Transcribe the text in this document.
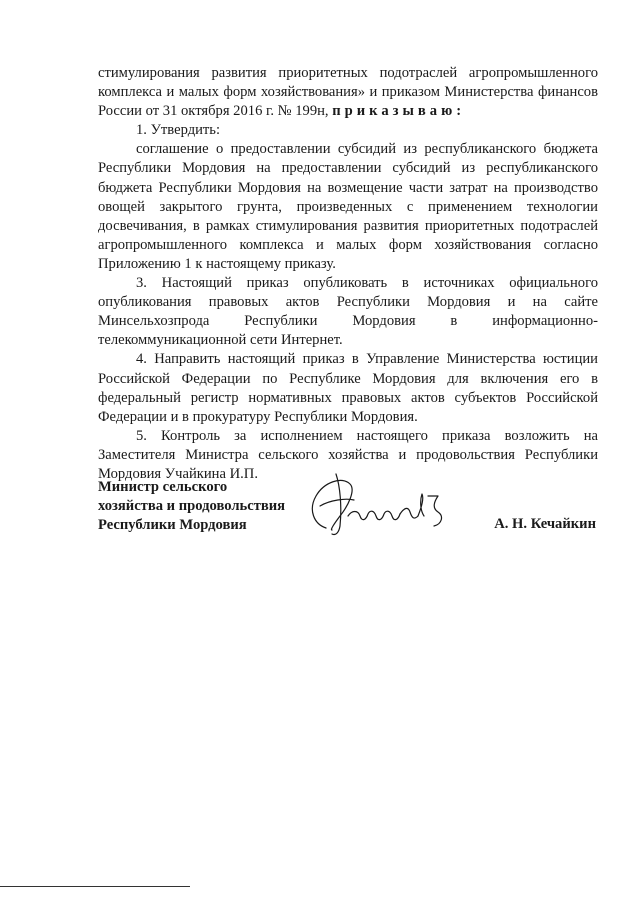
стимулирования развития приоритетных подотраслей агропромышленного комплекса и малых форм хозяйствования» и приказом Министерства финансов России от 31 октября 2016 г. № 199н, приказываю:

1. Утвердить:

соглашение о предоставлении субсидий из республиканского бюджета Республики Мордовия на предоставлении субсидий из республиканского бюджета Республики Мордовия на возмещение части затрат на производство овощей закрытого грунта, произведенных с применением технологии досвечивания, в рамках стимулирования развития приоритетных подотраслей агропромышленного комплекса и малых форм хозяйствования согласно Приложению 1 к настоящему приказу.

3. Настоящий приказ опубликовать в источниках официального опубликования правовых актов Республики Мордовия и на сайте Минсельхозпрода Республики Мордовия в информационно-телекоммуникационной сети Интернет.

4. Направить настоящий приказ в Управление Министерства юстиции Российской Федерации по Республике Мордовия для включения его в федеральный регистр нормативных правовых актов субъектов Российской Федерации и в прокуратуру Республики Мордовия.

5. Контроль за исполнением настоящего приказа возложить на Заместителя Министра сельского хозяйства и продовольствия Республики Мордовия Учайкина И.П.

Министр сельского
хозяйства и продовольствия
Республики Мордовия	А. Н. Кечайкин
